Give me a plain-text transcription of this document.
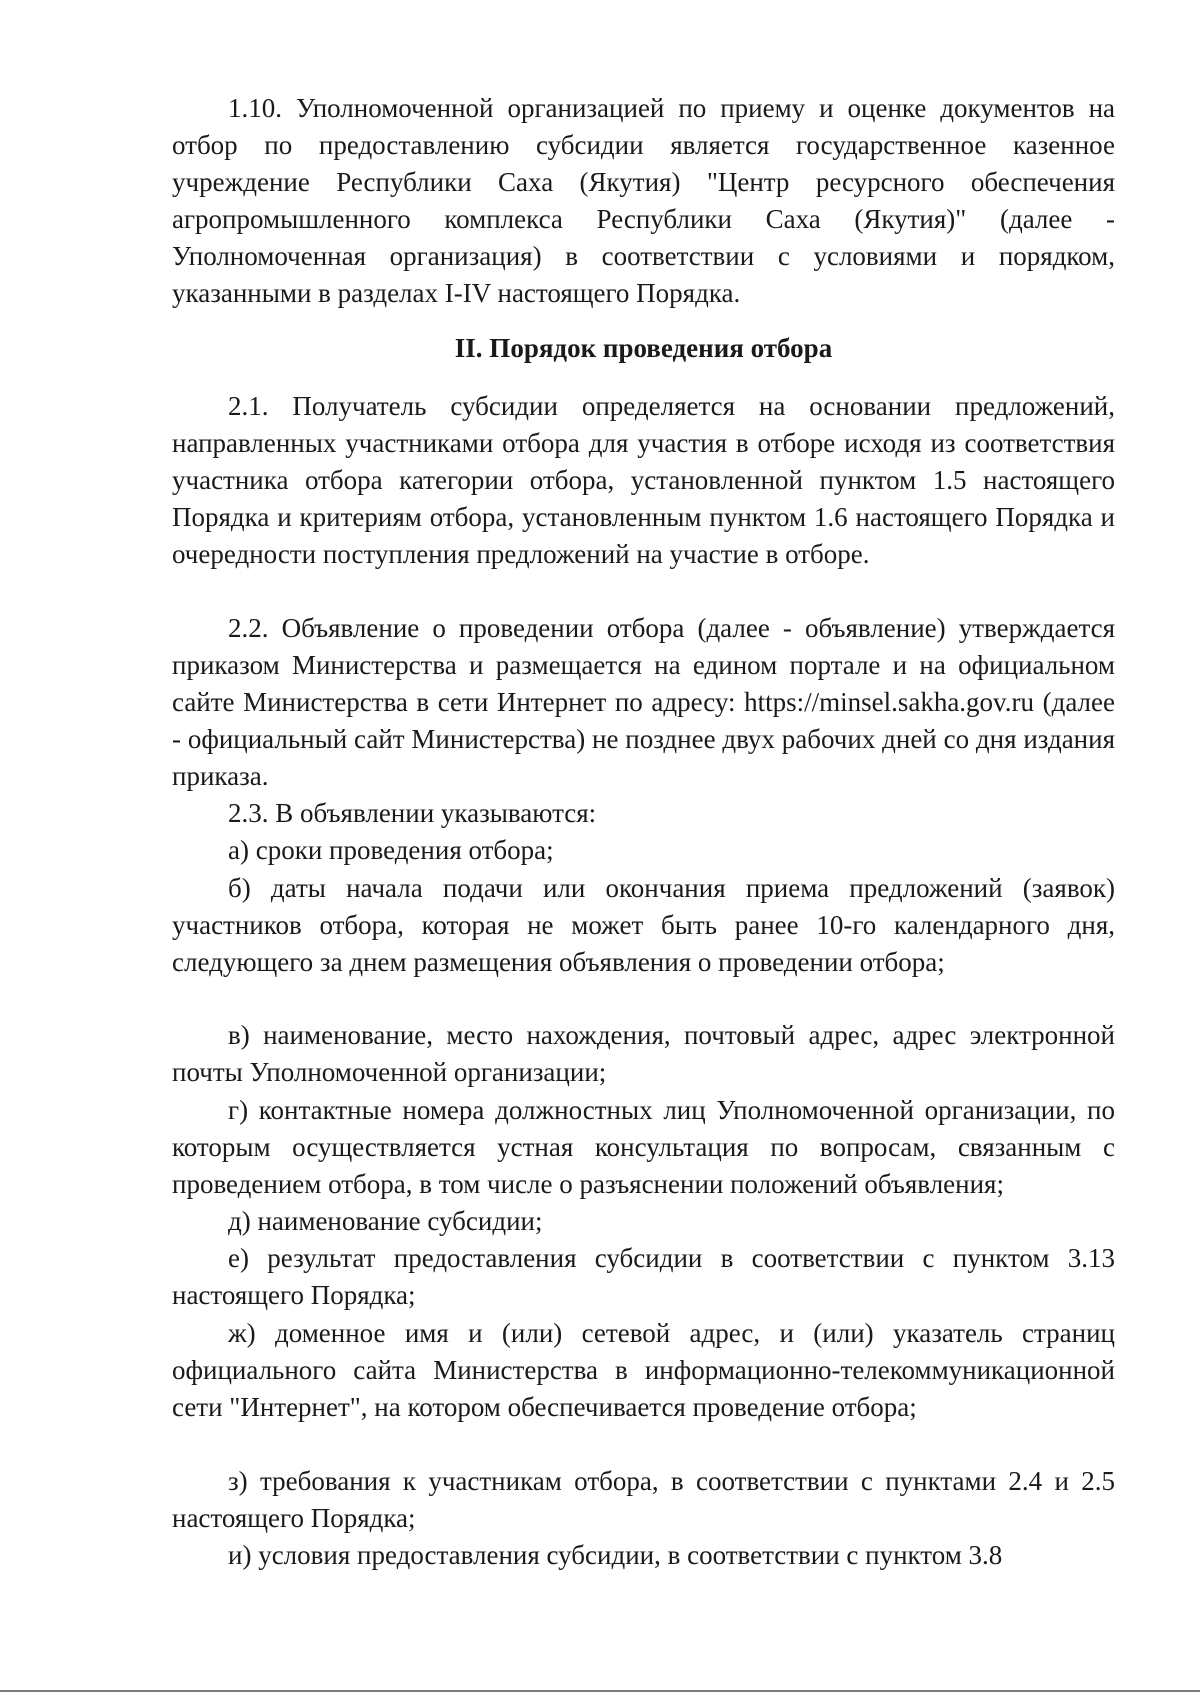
1.10. Уполномоченной организацией по приему и оценке документов на отбор по предоставлению субсидии является государственное казенное учреждение Республики Саха (Якутия) "Центр ресурсного обеспечения агропромышленного комплекса Республики Саха (Якутия)" (далее - Уполномоченная организация) в соответствии с условиями и порядком, указанными в разделах I-IV настоящего Порядка.

II. Порядок проведения отбора

2.1. Получатель субсидии определяется на основании предложений, направленных участниками отбора для участия в отборе исходя из соответствия участника отбора категории отбора, установленной пунктом 1.5 настоящего Порядка и критериям отбора, установленным пунктом 1.6 настоящего Порядка и очередности поступления предложений на участие в отборе.

2.2. Объявление о проведении отбора (далее - объявление) утверждается приказом Министерства и размещается на едином портале и на официальном сайте Министерства в сети Интернет по адресу: https://minsel.sakha.gov.ru (далее - официальный сайт Министерства) не позднее двух рабочих дней со дня издания приказа.

2.3. В объявлении указываются:

а) сроки проведения отбора;

б) даты начала подачи или окончания приема предложений (заявок) участников отбора, которая не может быть ранее 10-го календарного дня, следующего за днем размещения объявления о проведении отбора;

в) наименование, место нахождения, почтовый адрес, адрес электронной почты Уполномоченной организации;

г) контактные номера должностных лиц Уполномоченной организации, по которым осуществляется устная консультация по вопросам, связанным с проведением отбора, в том числе о разъяснении положений объявления;

д) наименование субсидии;

е) результат предоставления субсидии в соответствии с пунктом 3.13 настоящего Порядка;

ж) доменное имя и (или) сетевой адрес, и (или) указатель страниц официального сайта Министерства в информационно-телекоммуникационной сети "Интернет", на котором обеспечивается проведение отбора;

з) требования к участникам отбора, в соответствии с пунктами 2.4 и 2.5 настоящего Порядка;

и) условия предоставления субсидии, в соответствии с пунктом 3.8
